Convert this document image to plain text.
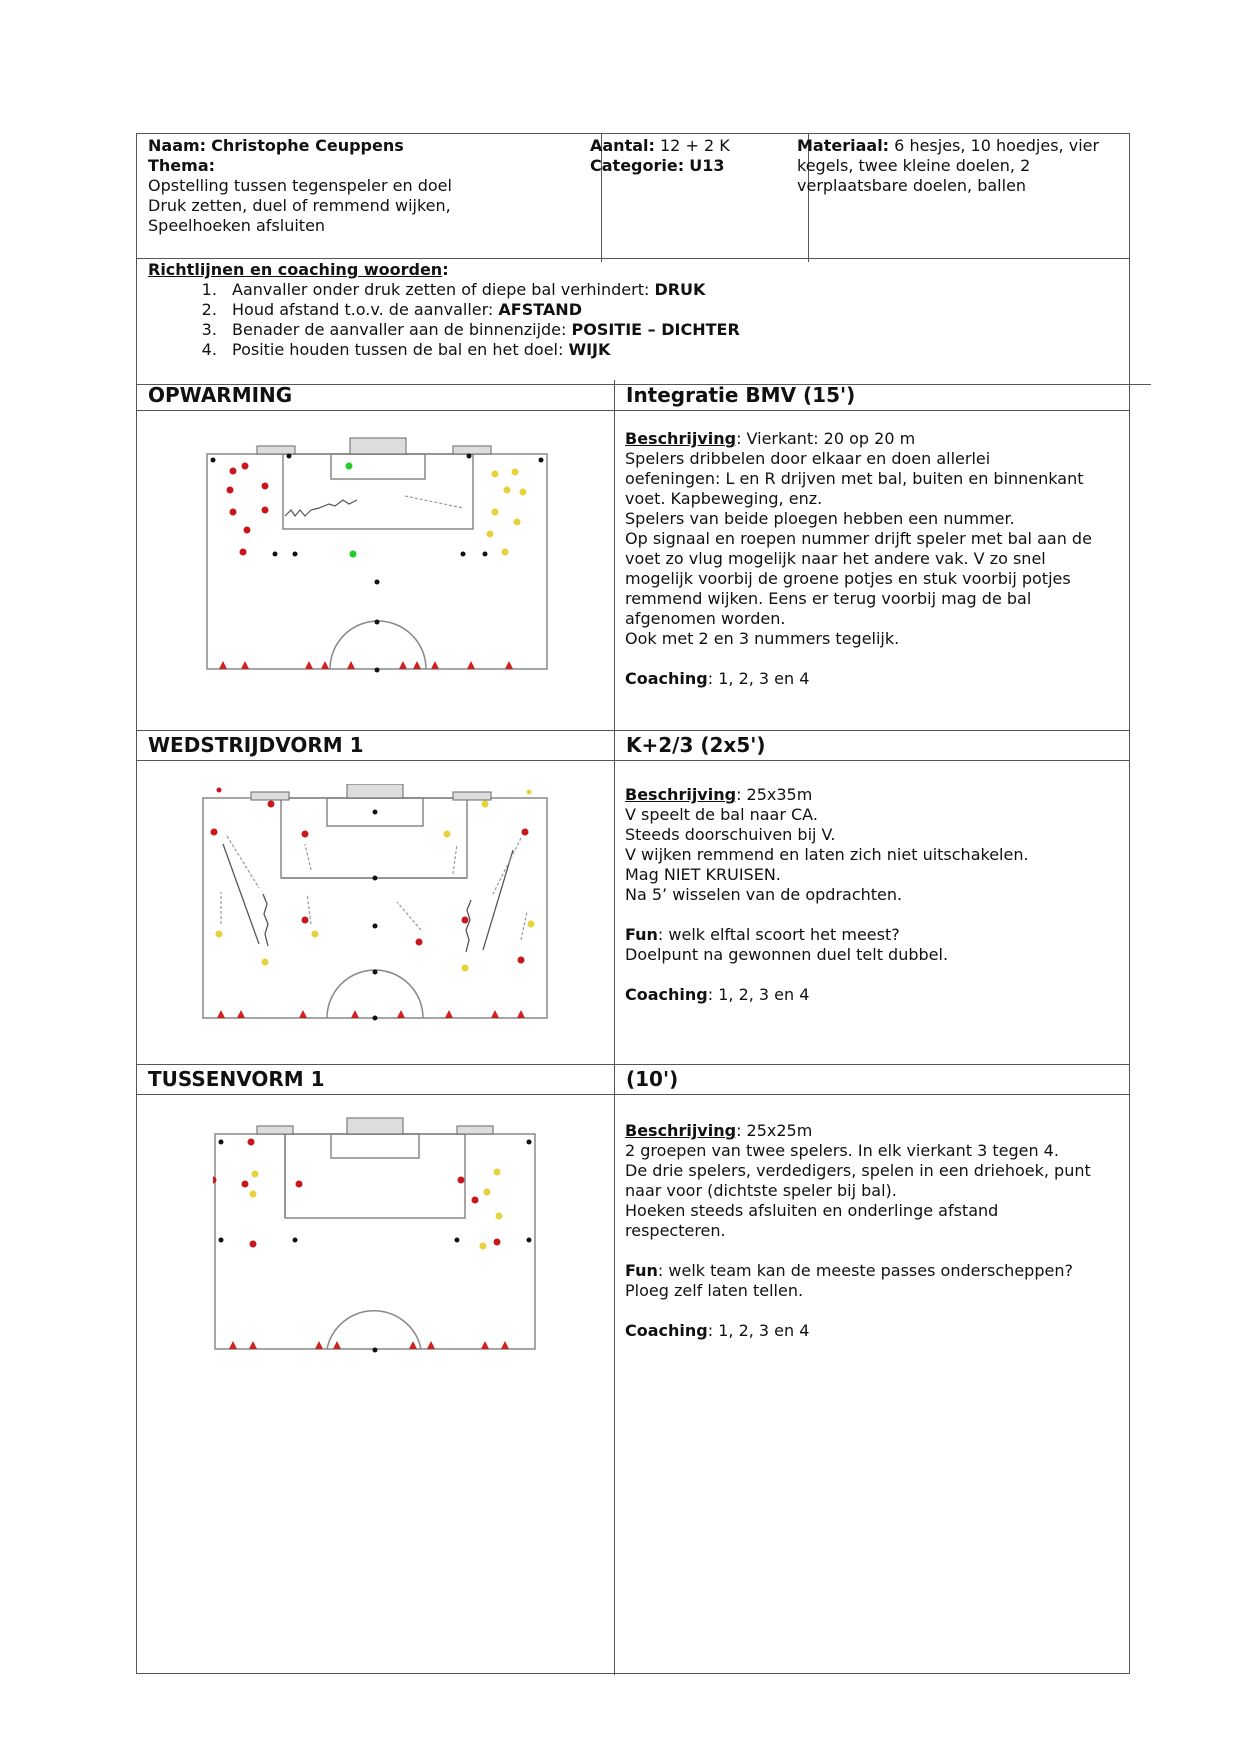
Naam: Christophe Ceuppens
Thema:
Opstelling tussen tegenspeler en doel
Druk zetten, duel of remmend wijken,
Speelhoeken afsluiten
Aantal: 12 + 2 K
Categorie: U13
Materiaal: 6 hesjes, 10 hoedjes, vier kegels, twee kleine doelen, 2 verplaatsbare doelen, ballen
Richtlijnen en coaching woorden:
1. Aanvaller onder druk zetten of diepe bal verhindert: DRUK
2. Houd afstand t.o.v. de aanvaller: AFSTAND
3. Benader de aanvaller aan de binnenzijde: POSITIE – DICHTER
4. Positie houden tussen de bal en het doel: WIJK
OPWARMING	Integratie BMV (15')

Beschrijving: Vierkant: 20 op 20 m

Spelers dribbelen door elkaar en doen allerlei

oefeningen: L en R drijven met bal, buiten en binnenkant

voet. Kapbeweging, enz.

Spelers van beide ploegen hebben een nummer.

Op signaal en roepen nummer drijft speler met bal aan de

voet zo vlug mogelijk naar het andere vak. V zo snel

mogelijk voorbij de groene potjes en stuk voorbij potjes

remmend wijken. Eens er terug voorbij mag de bal

afgenomen worden.

Ook met 2 en 3 nummers tegelijk.

Coaching: 1, 2, 3 en 4

WEDSTRIJDVORM 1	K+2/3 (2x5')

Beschrijving: 25x35m

V speelt de bal naar CA.

Steeds doorschuiven bij V.

V wijken remmend en laten zich niet uitschakelen.

Mag NIET KRUISEN.

Na 5’ wisselen van de opdrachten.

Fun: welk elftal scoort het meest?

Doelpunt na gewonnen duel telt dubbel.

Coaching: 1, 2, 3 en 4

TUSSENVORM 1	(10')

Beschrijving: 25x25m

2 groepen van twee spelers. In elk vierkant 3 tegen 4.

De drie spelers, verdedigers, spelen in een driehoek, punt

naar voor (dichtste speler bij bal).

Hoeken steeds afsluiten en onderlinge afstand

respecteren.

Fun: welk team kan de meeste passes onderscheppen?

Ploeg zelf laten tellen.

Coaching: 1, 2, 3 en 4
